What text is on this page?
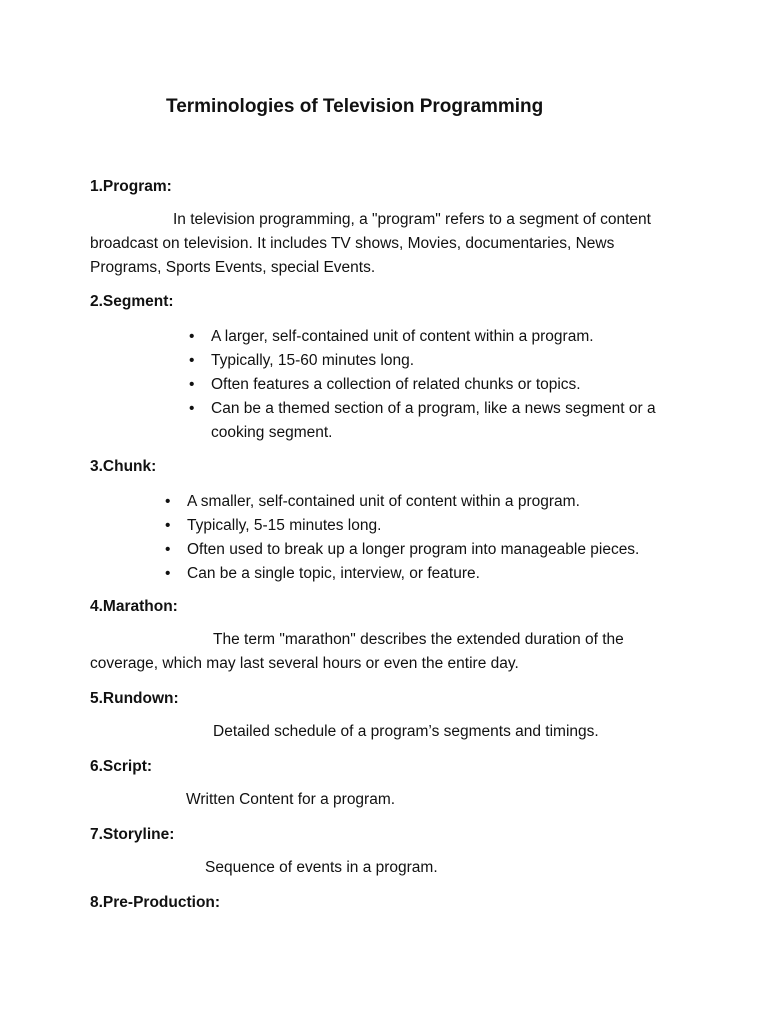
Terminologies of Television Programming
1.Program:
In television programming, a "program" refers to a segment of content
broadcast on television. It includes TV shows, Movies, documentaries, News
Programs, Sports Events, special Events.
2.Segment:
• A larger, self-contained unit of content within a program.
• Typically, 15-60 minutes long.
• Often features a collection of related chunks or topics.
• Can be a themed section of a program, like a news segment or a cooking segment.
3.Chunk:
• A smaller, self-contained unit of content within a program.
• Typically, 5-15 minutes long.
• Often used to break up a longer program into manageable pieces.
• Can be a single topic, interview, or feature.
4.Marathon:
The term "marathon" describes the extended duration of the
coverage, which may last several hours or even the entire day.
5.Rundown:
Detailed schedule of a program’s segments and timings.
6.Script:
Written Content for a program.
7.Storyline:
Sequence of events in a program.
8.Pre-Production:
